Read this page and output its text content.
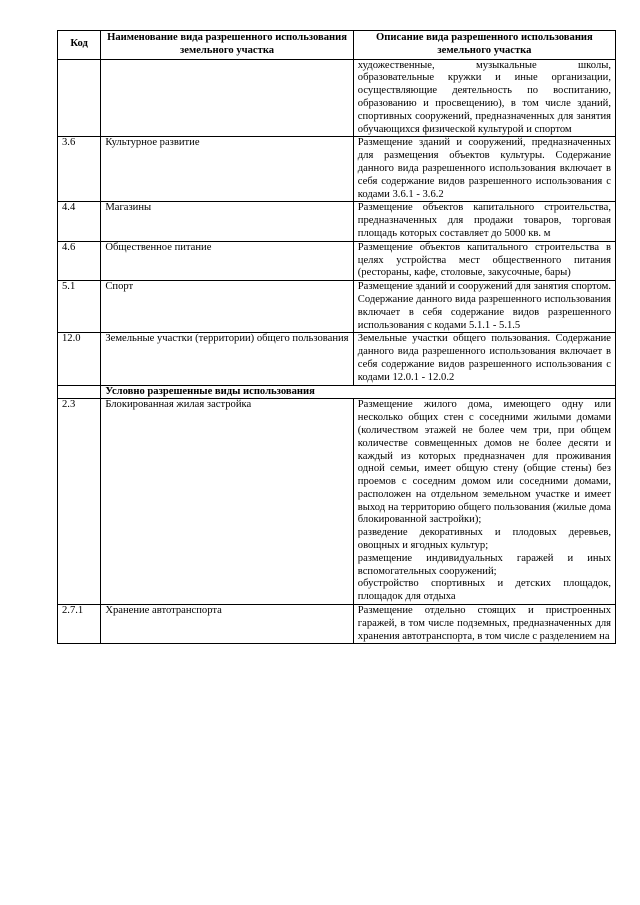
Код	Наименование вида разрешенного использования земельного участка	Описание вида разрешенного использования земельного участка

		художественные, музыкальные школы, образовательные кружки и иные организации, осуществляющие деятельность по воспитанию, образованию и просвещению), в том числе зданий, спортивных сооружений, предназначенных для занятия обучающихся физической культурой и спортом

3.6	Культурное развитие	Размещение зданий и сооружений, предназначенных для размещения объектов культуры. Содержание данного вида разрешенного использования включает в себя содержание видов разрешенного использования с кодами 3.6.1 - 3.6.2

4.4	Магазины	Размещение объектов капитального строительства, предназначенных для продажи товаров, торговая площадь которых составляет до 5000 кв. м

4.6	Общественное питание	Размещение объектов капитального строительства в целях устройства мест общественного питания (рестораны, кафе, столовые, закусочные, бары)

5.1	Спорт	Размещение зданий и сооружений для занятия спортом. Содержание данного вида разрешенного использования включает в себя содержание видов разрешенного использования с кодами 5.1.1 - 5.1.5

12.0	Земельные участки (территории) общего пользования	Земельные участки общего пользования. Содержание данного вида разрешенного использования включает в себя содержание видов разрешенного использования с кодами 12.0.1 - 12.0.2

	Условно разрешенные виды использования	
2.3	Блокированная жилая застройка	Размещение жилого дома, имеющего одну или несколько общих стен с соседними жилыми домами (количеством этажей не более чем три, при общем количестве совмещенных домов не более десяти и каждый из которых предназначен для проживания одной семьи, имеет общую стену (общие стены) без проемов с соседним домом или соседними домами, расположен на отдельном земельном участке и имеет выход на территорию общего пользования (жилые дома блокированной застройки);
разведение декоративных и плодовых деревьев, овощных и ягодных культур;
размещение индивидуальных гаражей и иных вспомогательных сооружений;
обустройство спортивных и детских площадок, площадок для отдыха

2.7.1	Хранение автотранспорта	Размещение отдельно стоящих и пристроенных гаражей, в том числе подземных, предназначенных для хранения автотранспорта, в том числе с разделением на
